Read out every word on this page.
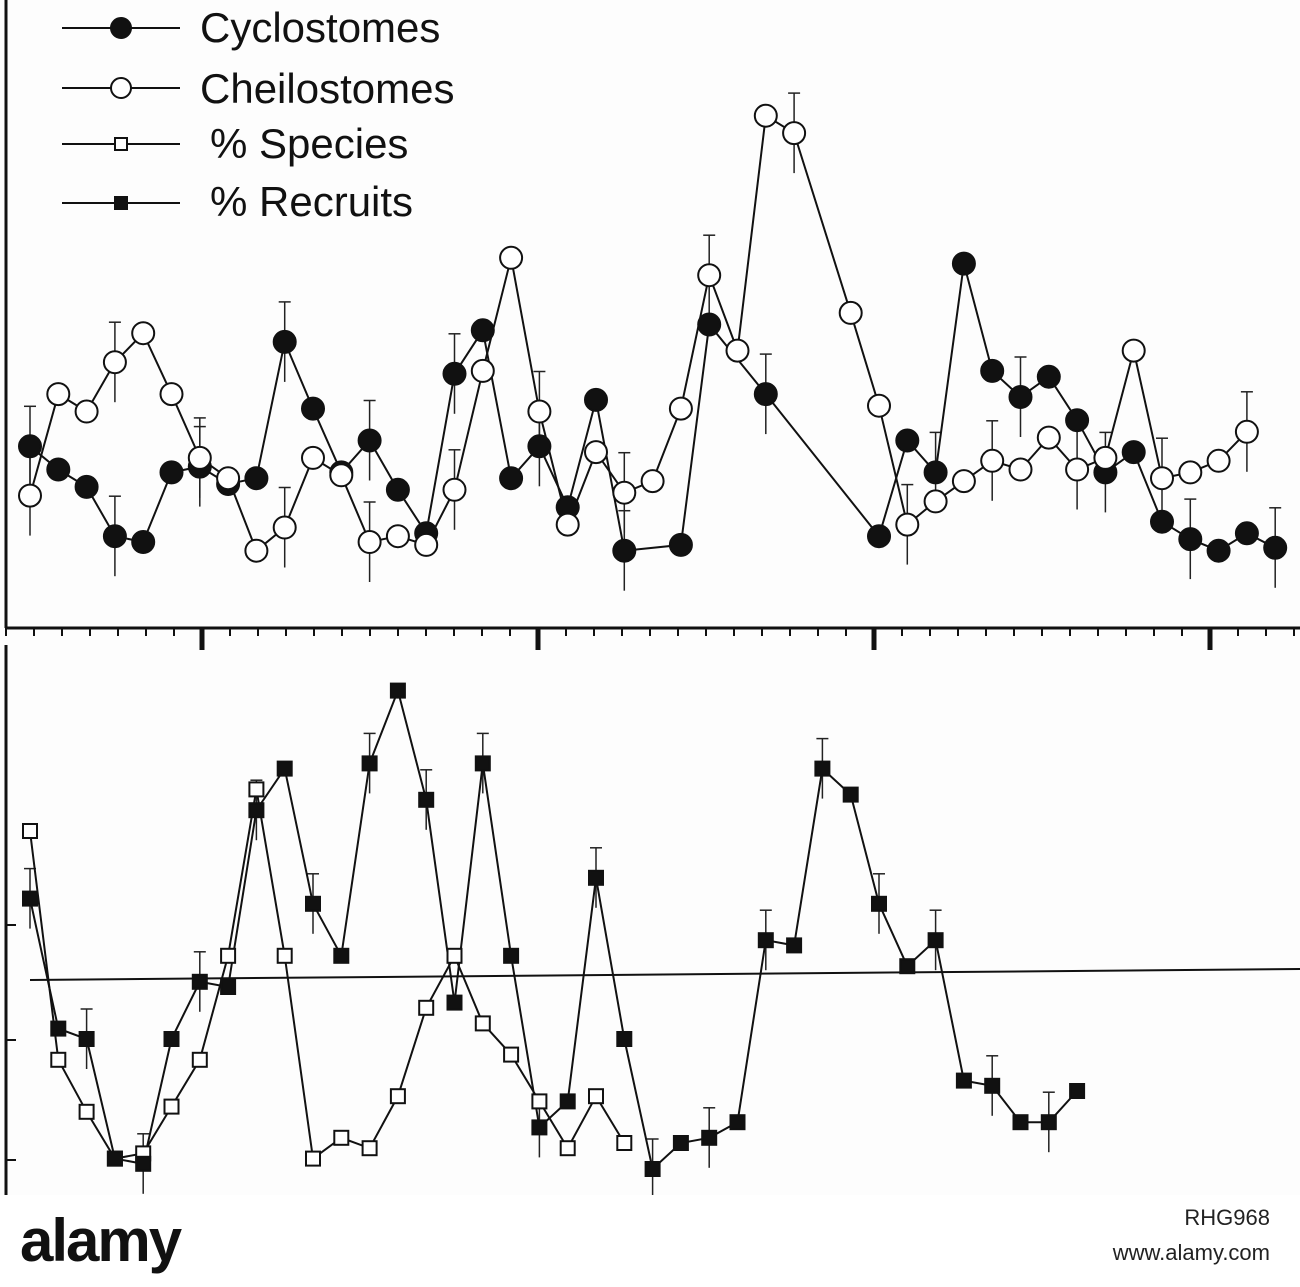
Cyclostomes
Cheilostomes
% Species
% Recruits
alamy	RHG968
www.alamy.com
